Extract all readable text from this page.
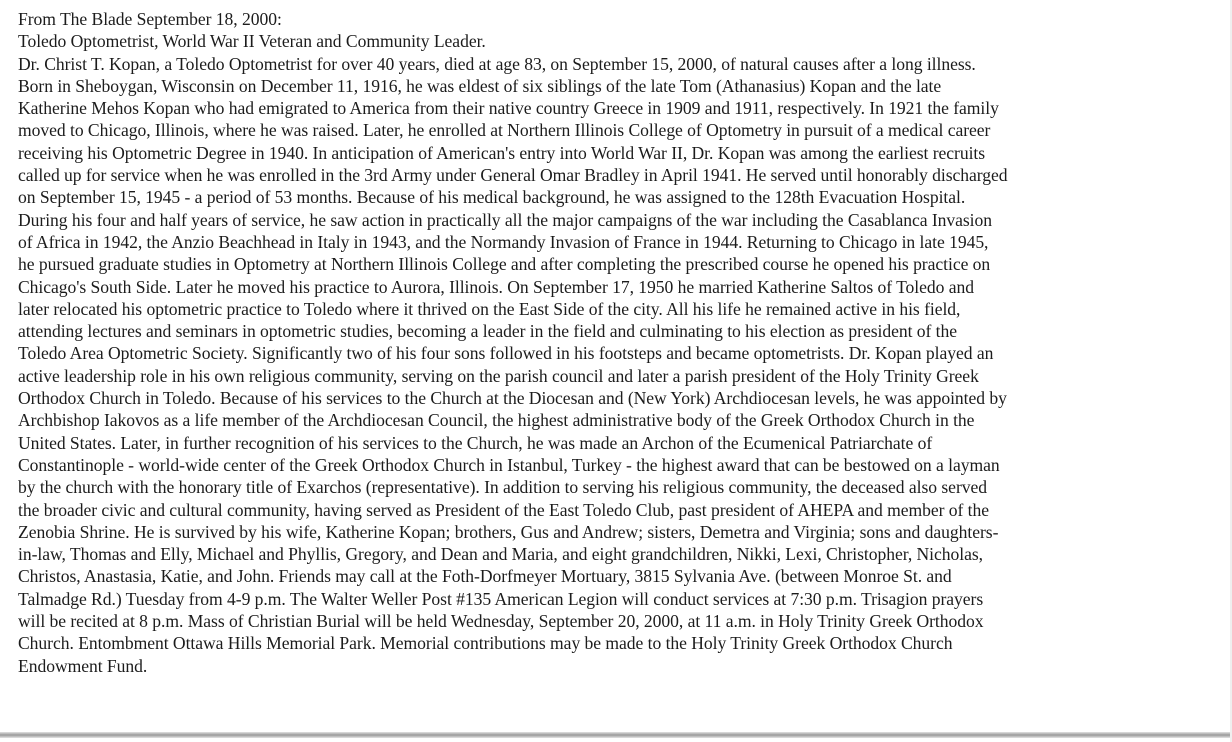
From The Blade September 18, 2000:
Toledo Optometrist, World War II Veteran and Community Leader.
Dr. Christ T. Kopan, a Toledo Optometrist for over 40 years, died at age 83, on September 15, 2000, of natural causes after a long illness.
Born in Sheboygan, Wisconsin on December 11, 1916, he was eldest of six siblings of the late Tom (Athanasius) Kopan and the late
Katherine Mehos Kopan who had emigrated to America from their native country Greece in 1909 and 1911, respectively. In 1921 the family
moved to Chicago, Illinois, where he was raised. Later, he enrolled at Northern Illinois College of Optometry in pursuit of a medical career
receiving his Optometric Degree in 1940. In anticipation of American's entry into World War II, Dr. Kopan was among the earliest recruits
called up for service when he was enrolled in the 3rd Army under General Omar Bradley in April 1941. He served until honorably discharged
on September 15, 1945 - a period of 53 months. Because of his medical background, he was assigned to the 128th Evacuation Hospital.
During his four and half years of service, he saw action in practically all the major campaigns of the war including the Casablanca Invasion
of Africa in 1942, the Anzio Beachhead in Italy in 1943, and the Normandy Invasion of France in 1944. Returning to Chicago in late 1945,
he pursued graduate studies in Optometry at Northern Illinois College and after completing the prescribed course he opened his practice on
Chicago's South Side. Later he moved his practice to Aurora, Illinois. On September 17, 1950 he married Katherine Saltos of Toledo and
later relocated his optometric practice to Toledo where it thrived on the East Side of the city. All his life he remained active in his field,
attending lectures and seminars in optometric studies, becoming a leader in the field and culminating to his election as president of the
Toledo Area Optometric Society. Significantly two of his four sons followed in his footsteps and became optometrists. Dr. Kopan played an
active leadership role in his own religious community, serving on the parish council and later a parish president of the Holy Trinity Greek
Orthodox Church in Toledo. Because of his services to the Church at the Diocesan and (New York) Archdiocesan levels, he was appointed by
Archbishop Iakovos as a life member of the Archdiocesan Council, the highest administrative body of the Greek Orthodox Church in the
United States. Later, in further recognition of his services to the Church, he was made an Archon of the Ecumenical Patriarchate of
Constantinople - world-wide center of the Greek Orthodox Church in Istanbul, Turkey - the highest award that can be bestowed on a layman
by the church with the honorary title of Exarchos (representative). In addition to serving his religious community, the deceased also served
the broader civic and cultural community, having served as President of the East Toledo Club, past president of AHEPA and member of the
Zenobia Shrine. He is survived by his wife, Katherine Kopan; brothers, Gus and Andrew; sisters, Demetra and Virginia; sons and daughters-
in-law, Thomas and Elly, Michael and Phyllis, Gregory, and Dean and Maria, and eight grandchildren, Nikki, Lexi, Christopher, Nicholas,
Christos, Anastasia, Katie, and John. Friends may call at the Foth-Dorfmeyer Mortuary, 3815 Sylvania Ave. (between Monroe St. and
Talmadge Rd.) Tuesday from 4-9 p.m. The Walter Weller Post #135 American Legion will conduct services at 7:30 p.m. Trisagion prayers
will be recited at 8 p.m. Mass of Christian Burial will be held Wednesday, September 20, 2000, at 11 a.m. in Holy Trinity Greek Orthodox
Church. Entombment Ottawa Hills Memorial Park. Memorial contributions may be made to the Holy Trinity Greek Orthodox Church
Endowment Fund.
